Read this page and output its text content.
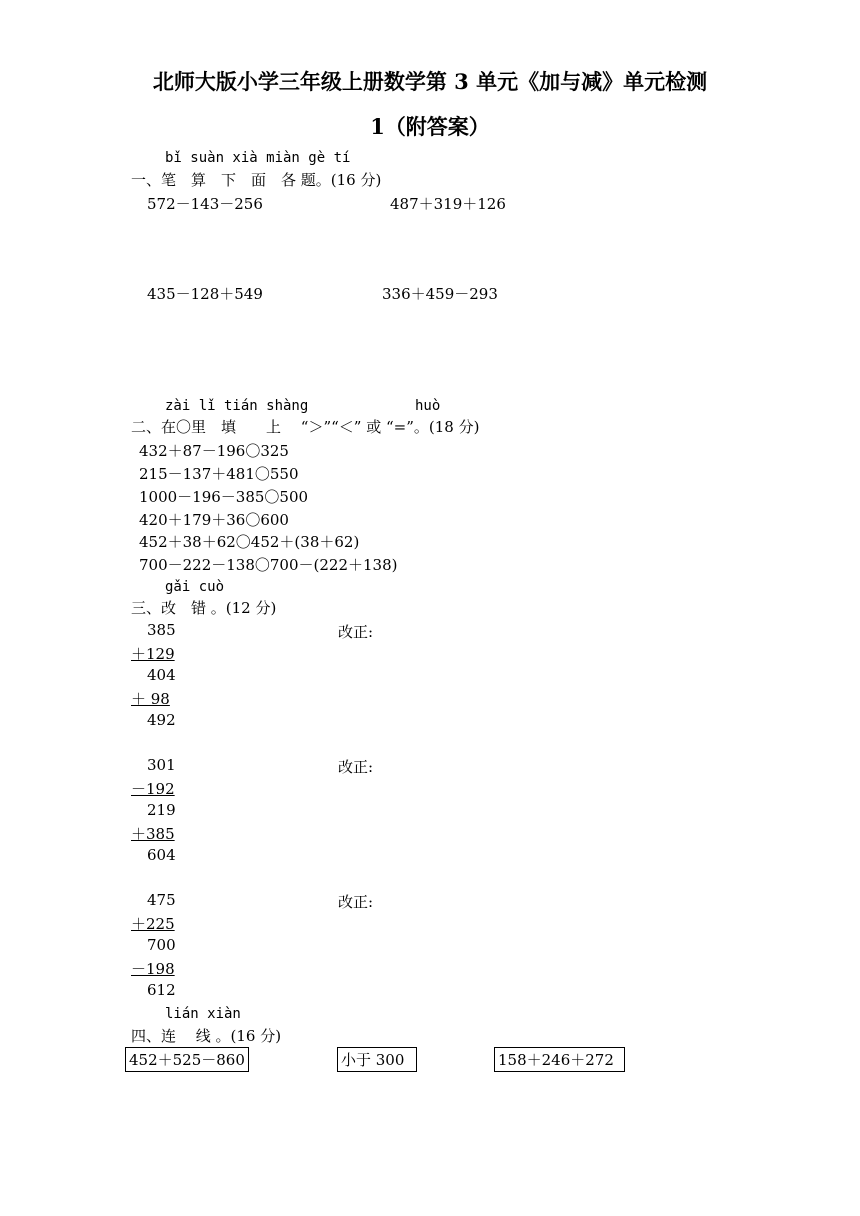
北师大版小学三年级上册数学第 3 单元《加与减》单元检测
1（附答案）
bǐ suàn xià miàn gè tí
一、笔　算　下　面　各 题。(16 分)
572－143－256	487＋319＋126
435－128＋549	336＋459－293
zài lǐ tián shàng	huò
二、在〇里　填　　上　 “＞”“＜” 或 “=”。(18 分)
432＋87－196〇325
215－137＋481〇550
1000－196－385〇500
420＋179＋36〇600
452＋38＋62〇452＋(38＋62)
700－222－138〇700－(222＋138)
gǎi cuò
三、改　错 。(12 分)
385
＋129
404
＋ 98
492
改正:
301
－192
219
＋385
604
改正:
475
＋225
700
－198
612
改正:
lián xiàn
四、连　 线 。(16 分)
452＋525－860	小于 300	158＋246＋272
